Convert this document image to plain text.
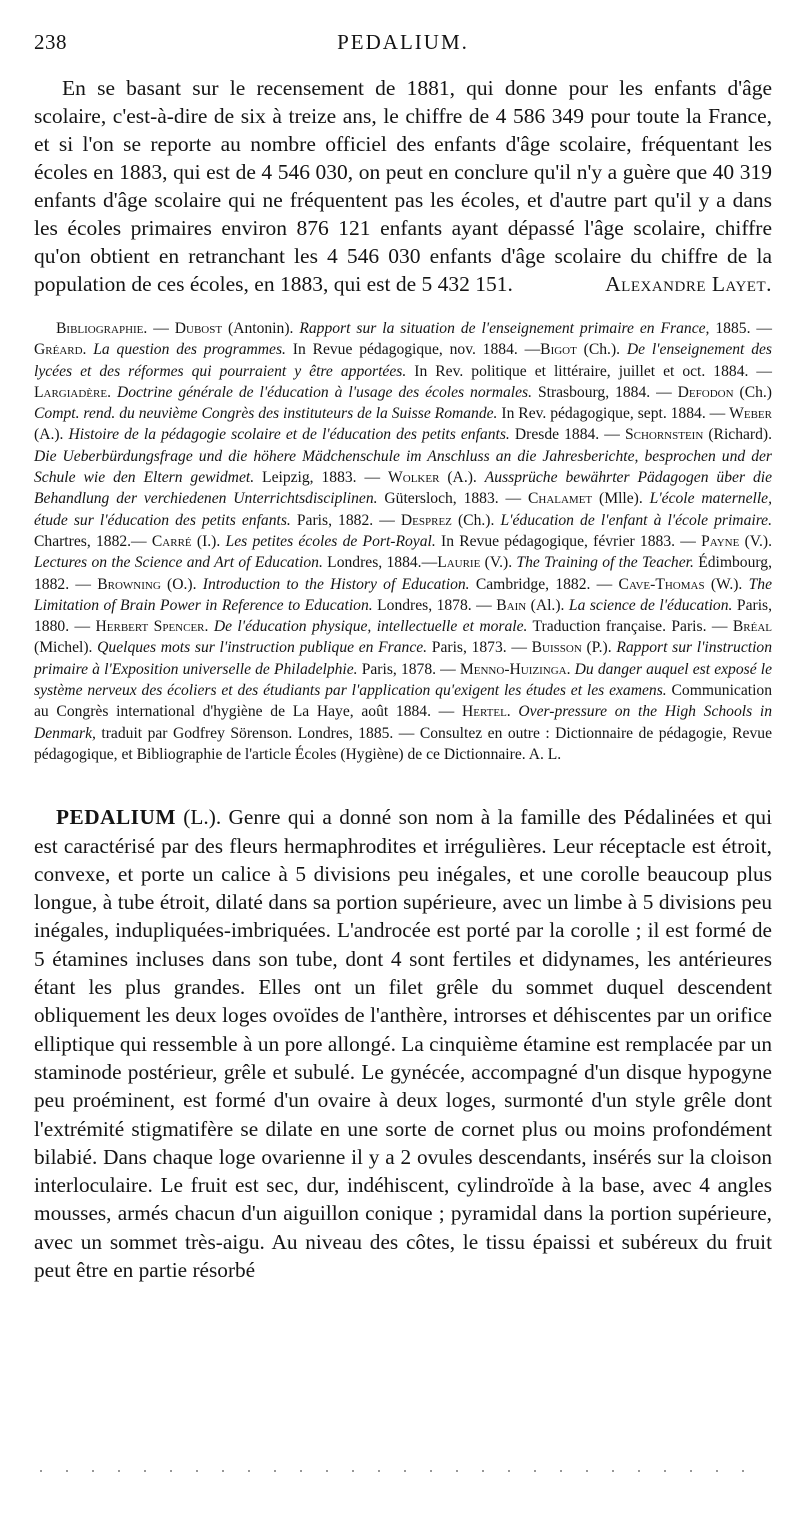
238	PEDALIUM.

En se basant sur le recensement de 1881, qui donne pour les enfants d'âge scolaire, c'est-à-dire de six à treize ans, le chiffre de 4 586 349 pour toute la France, et si l'on se reporte au nombre officiel des enfants d'âge scolaire, fréquentant les écoles en 1883, qui est de 4 546 030, on peut en conclure qu'il n'y a guère que 40 319 enfants d'âge scolaire qui ne fréquentent pas les écoles, et d'autre part qu'il y a dans les écoles primaires environ 876 121 enfants ayant dépassé l'âge scolaire, chiffre qu'on obtient en retranchant les 4 546 030 enfants d'âge scolaire du chiffre de la population de ces écoles, en 1883, qui est de 5 432 151.	Alexandre Layet.

Bibliographie. — Dubost (Antonin). Rapport sur la situation de l'enseignement primaire en France, 1885. — Gréard. La question des programmes. In Revue pédagogique, nov. 1884. —Bigot (Ch.). De l'enseignement des lycées et des réformes qui pourraient y être apportées. In Rev. politique et littéraire, juillet et oct. 1884. — Largiadère. Doctrine générale de l'éducation à l'usage des écoles normales. Strasbourg, 1884. — Defodon (Ch.) Compt. rend. du neuvième Congrès des instituteurs de la Suisse Romande. In Rev. pédagogique, sept. 1884. — Weber (A.). Histoire de la pédagogie scolaire et de l'éducation des petits enfants. Dresde 1884. — Schornstein (Richard). Die Ueberbürdungsfrage und die höhere Mädchenschule im Anschluss an die Jahresberichte, besprochen und der Schule wie den Eltern gewidmet. Leipzig, 1883. — Wolker (A.). Aussprüche bewährter Pädagogen über die Behandlung der verchiedenen Unterrichtsdisciplinen. Gütersloch, 1883. — Chalamet (Mlle). L'école maternelle, étude sur l'éducation des petits enfants. Paris, 1882. — Desprez (Ch.). L'éducation de l'enfant à l'école primaire. Chartres, 1882.— Carré (I.). Les petites écoles de Port-Royal. In Revue pédagogique, février 1883. — Payne (V.). Lectures on the Science and Art of Education. Londres, 1884.—Laurie (V.). The Training of the Teacher. Édimbourg, 1882. — Browning (O.). Introduction to the History of Education. Cambridge, 1882. — Cave-Thomas (W.). The Limitation of Brain Power in Reference to Education. Londres, 1878. — Bain (Al.). La science de l'éducation. Paris, 1880. — Herbert Spencer. De l'éducation physique, intellectuelle et morale. Traduction française. Paris. — Bréal (Michel). Quelques mots sur l'instruction publique en France. Paris, 1873. — Buisson (P.). Rapport sur l'instruction primaire à l'Exposition universelle de Philadelphie. Paris, 1878. — Menno-Huizinga. Du danger auquel est exposé le système nerveux des écoliers et des étudiants par l'application qu'exigent les études et les examens. Communication au Congrès international d'hygiène de La Haye, août 1884. — Hertel. Over-pressure on the High Schools in Denmark, traduit par Godfrey Sörenson. Londres, 1885. — Consultez en outre : Dictionnaire de pédagogie, Revue pédagogique, et Bibliographie de l'article Écoles (Hygiène) de ce Dictionnaire. A. L.

PEDALIUM (L.). Genre qui a donné son nom à la famille des Pédalinées et qui est caractérisé par des fleurs hermaphrodites et irrégulières. Leur réceptacle est étroit, convexe, et porte un calice à 5 divisions peu inégales, et une corolle beaucoup plus longue, à tube étroit, dilaté dans sa portion supérieure, avec un limbe à 5 divisions peu inégales, indupliquées-imbriquées. L'androcée est porté par la corolle ; il est formé de 5 étamines incluses dans son tube, dont 4 sont fertiles et didynames, les antérieures étant les plus grandes. Elles ont un filet grêle du sommet duquel descendent obliquement les deux loges ovoïdes de l'anthère, introrses et déhiscentes par un orifice elliptique qui ressemble à un pore allongé. La cinquième étamine est remplacée par un staminode postérieur, grêle et subulé. Le gynécée, accompagné d'un disque hypogyne peu proéminent, est formé d'un ovaire à deux loges, surmonté d'un style grêle dont l'extrémité stigmatifère se dilate en une sorte de cornet plus ou moins profondément bilabié. Dans chaque loge ovarienne il y a 2 ovules descendants, insérés sur la cloison interloculaire. Le fruit est sec, dur, indéhiscent, cylindroïde à la base, avec 4 angles mousses, armés chacun d'un aiguillon conique ; pyramidal dans la portion supérieure, avec un sommet très-aigu. Au niveau des côtes, le tissu épaissi et subéreux du fruit peut être en partie résorbé
